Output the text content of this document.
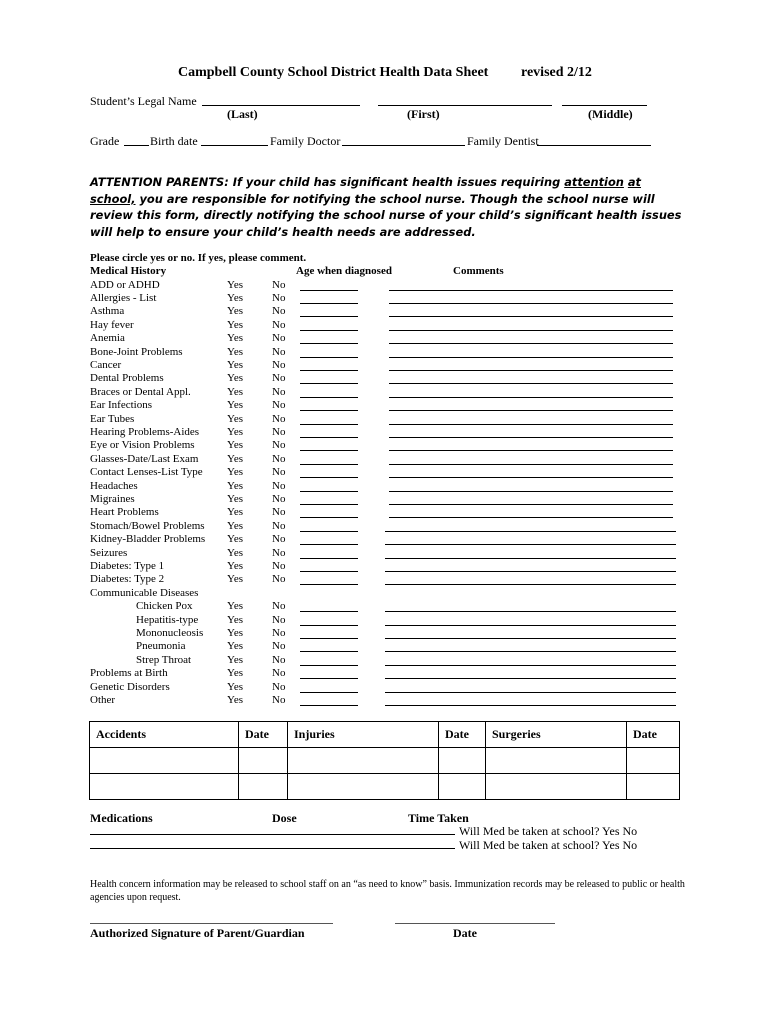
Campbell County School District Health Data Sheet revised 2/12
Student’s Legal Name
(Last)	(First)	(Middle)
Grade	Birth date	Family Doctor	Family Dentist
ATTENTION PARENTS: If your child has significant health issues requiring attention at school, you are responsible for notifying the school nurse. Though the school nurse will review this form, directly notifying the school nurse of your child’s significant health issues will help to ensure your child’s health needs are addressed.
Please circle yes or no. If yes, please comment.
Medical History	Age when diagnosed	Comments
ADD or ADHD	Yes	No
Allergies - List	Yes	No
Asthma	Yes	No
Hay fever	Yes	No
Anemia	Yes	No
Bone-Joint Problems	Yes	No
Cancer	Yes	No
Dental Problems	Yes	No
Braces or Dental Appl.	Yes	No
Ear Infections	Yes	No
Ear Tubes	Yes	No
Hearing Problems-Aides	Yes	No
Eye or Vision Problems	Yes	No
Glasses-Date/Last Exam	Yes	No
Contact Lenses-List Type Yes	No
Headaches	Yes	No
Migraines	Yes	No
Heart Problems	Yes	No
Stomach/Bowel Problems Yes	No
Kidney-Bladder Problems Yes	No
Seizures	Yes	No
Diabetes: Type 1	Yes	No
Diabetes: Type 2	Yes	No
Communicable Diseases
Chicken Pox	Yes	No
Hepatitis-type	Yes	No
Mononucleosis Yes	No
Pneumonia	Yes	No
Strep Throat	Yes	No
Problems at Birth	Yes	No
Genetic Disorders	Yes	No
Other	Yes	No
Accidents	Date	Injuries	Date	Surgeries	Date

Medications	Dose	Time Taken
Will Med be taken at school? Yes No
Will Med be taken at school? Yes No
Health concern information may be released to school staff on an “as need to know” basis. Immunization records may be released to public or health agencies upon request.
Authorized Signature of Parent/Guardian	Date
